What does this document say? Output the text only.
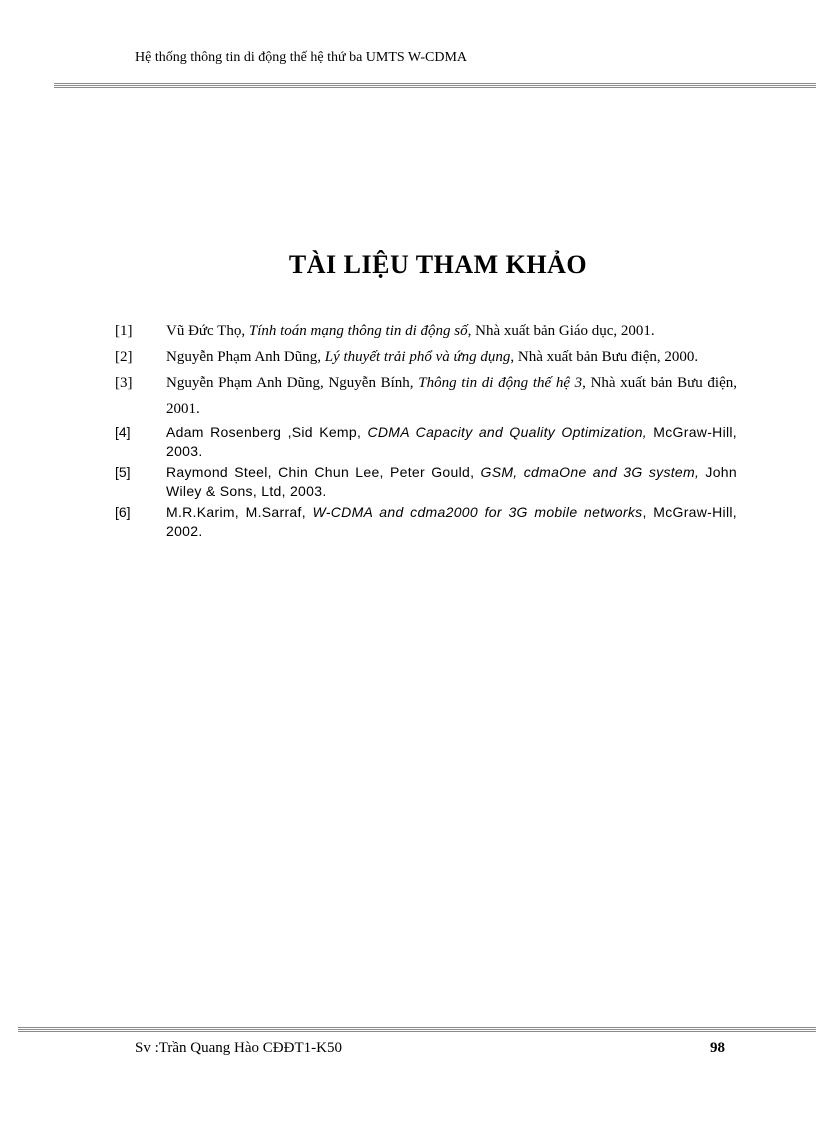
Hệ thống thông tin di động thế hệ thứ ba UMTS W-CDMA
TÀI LIỆU THAM KHẢO
[1] Vũ Đức Thọ, Tính toán mạng thông tin di động số, Nhà xuất bản Giáo dục, 2001.
[2] Nguyễn Phạm Anh Dũng, Lý thuyết trải phổ và ứng dụng, Nhà xuất bản Bưu điện, 2000.
[3] Nguyễn Phạm Anh Dũng, Nguyễn Bính, Thông tin di động thế hệ 3, Nhà xuất bản Bưu điện, 2001.
[4]	Adam Rosenberg ,Sid Kemp, CDMA Capacity and Quality Optimization, McGraw-Hill, 2003.
[5]	Raymond Steel, Chin Chun Lee, Peter Gould, GSM, cdmaOne and 3G system, John Wiley & Sons, Ltd, 2003.
[6]	M.R.Karim, M.Sarraf, W-CDMA and cdma2000 for 3G mobile networks, McGraw-Hill, 2002.
Sv :Trần Quang Hào CĐĐT1-K50	98
